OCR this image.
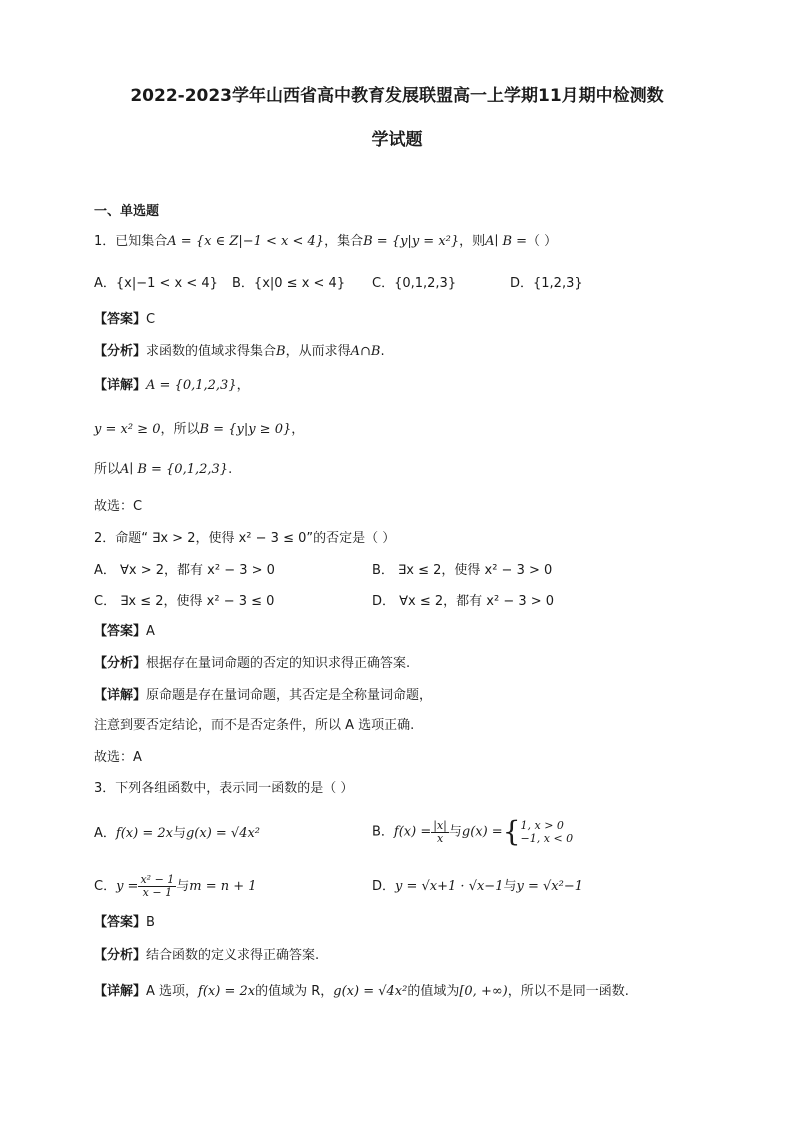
2022-2023学年山西省高中教育发展联盟高一上学期11月期中检测数
学试题
一、单选题
1．已知集合A = {x ∈ Z|−1 < x < 4}，集合B = {y|y = x²}，则A∣ B =（ ）
A．{x|−1 < x < 4} B．{x|0 ≤ x < 4} C．{0,1,2,3}	D．{1,2,3}
【答案】C
【分析】求函数的值域求得集合B，从而求得A∩B.
【详解】A = {0,1,2,3}，
y = x² ≥ 0，所以B = {y|y ≥ 0}，
所以A∣ B = {0,1,2,3}.
故选：C
2．命题“ ∃x > 2，使得 x² − 3 ≤ 0”的否定是（ ）
A． ∀x > 2，都有 x² − 3 > 0	B． ∃x ≤ 2，使得 x² − 3 > 0
C． ∃x ≤ 2，使得 x² − 3 ≤ 0	D． ∀x ≤ 2，都有 x² − 3 > 0
【答案】A
【分析】根据存在量词命题的否定的知识求得正确答案.
【详解】原命题是存在量词命题，其否定是全称量词命题，
注意到要否定结论，而不是否定条件，所以 A 选项正确.
故选：A
3．下列各组函数中，表示同一函数的是（ ）
A．f(x) = 2x与g(x) = √4x²	B．$f(x) = \frac{|x|}{x}$ 与g(x) ={ 1, x > 0
−1, x < 0
C．$y = \frac{\text{x² − 1}}{x - 1}$ 与m = n + 1	D．y = √x+1 · √x−1与y = √x²−1
【答案】B
【分析】结合函数的定义求得正确答案.
【详解】A 选项，f(x) = 2x的值域为 R，g(x) = √4x²的值域为[0, +∞)，所以不是同一函数.
